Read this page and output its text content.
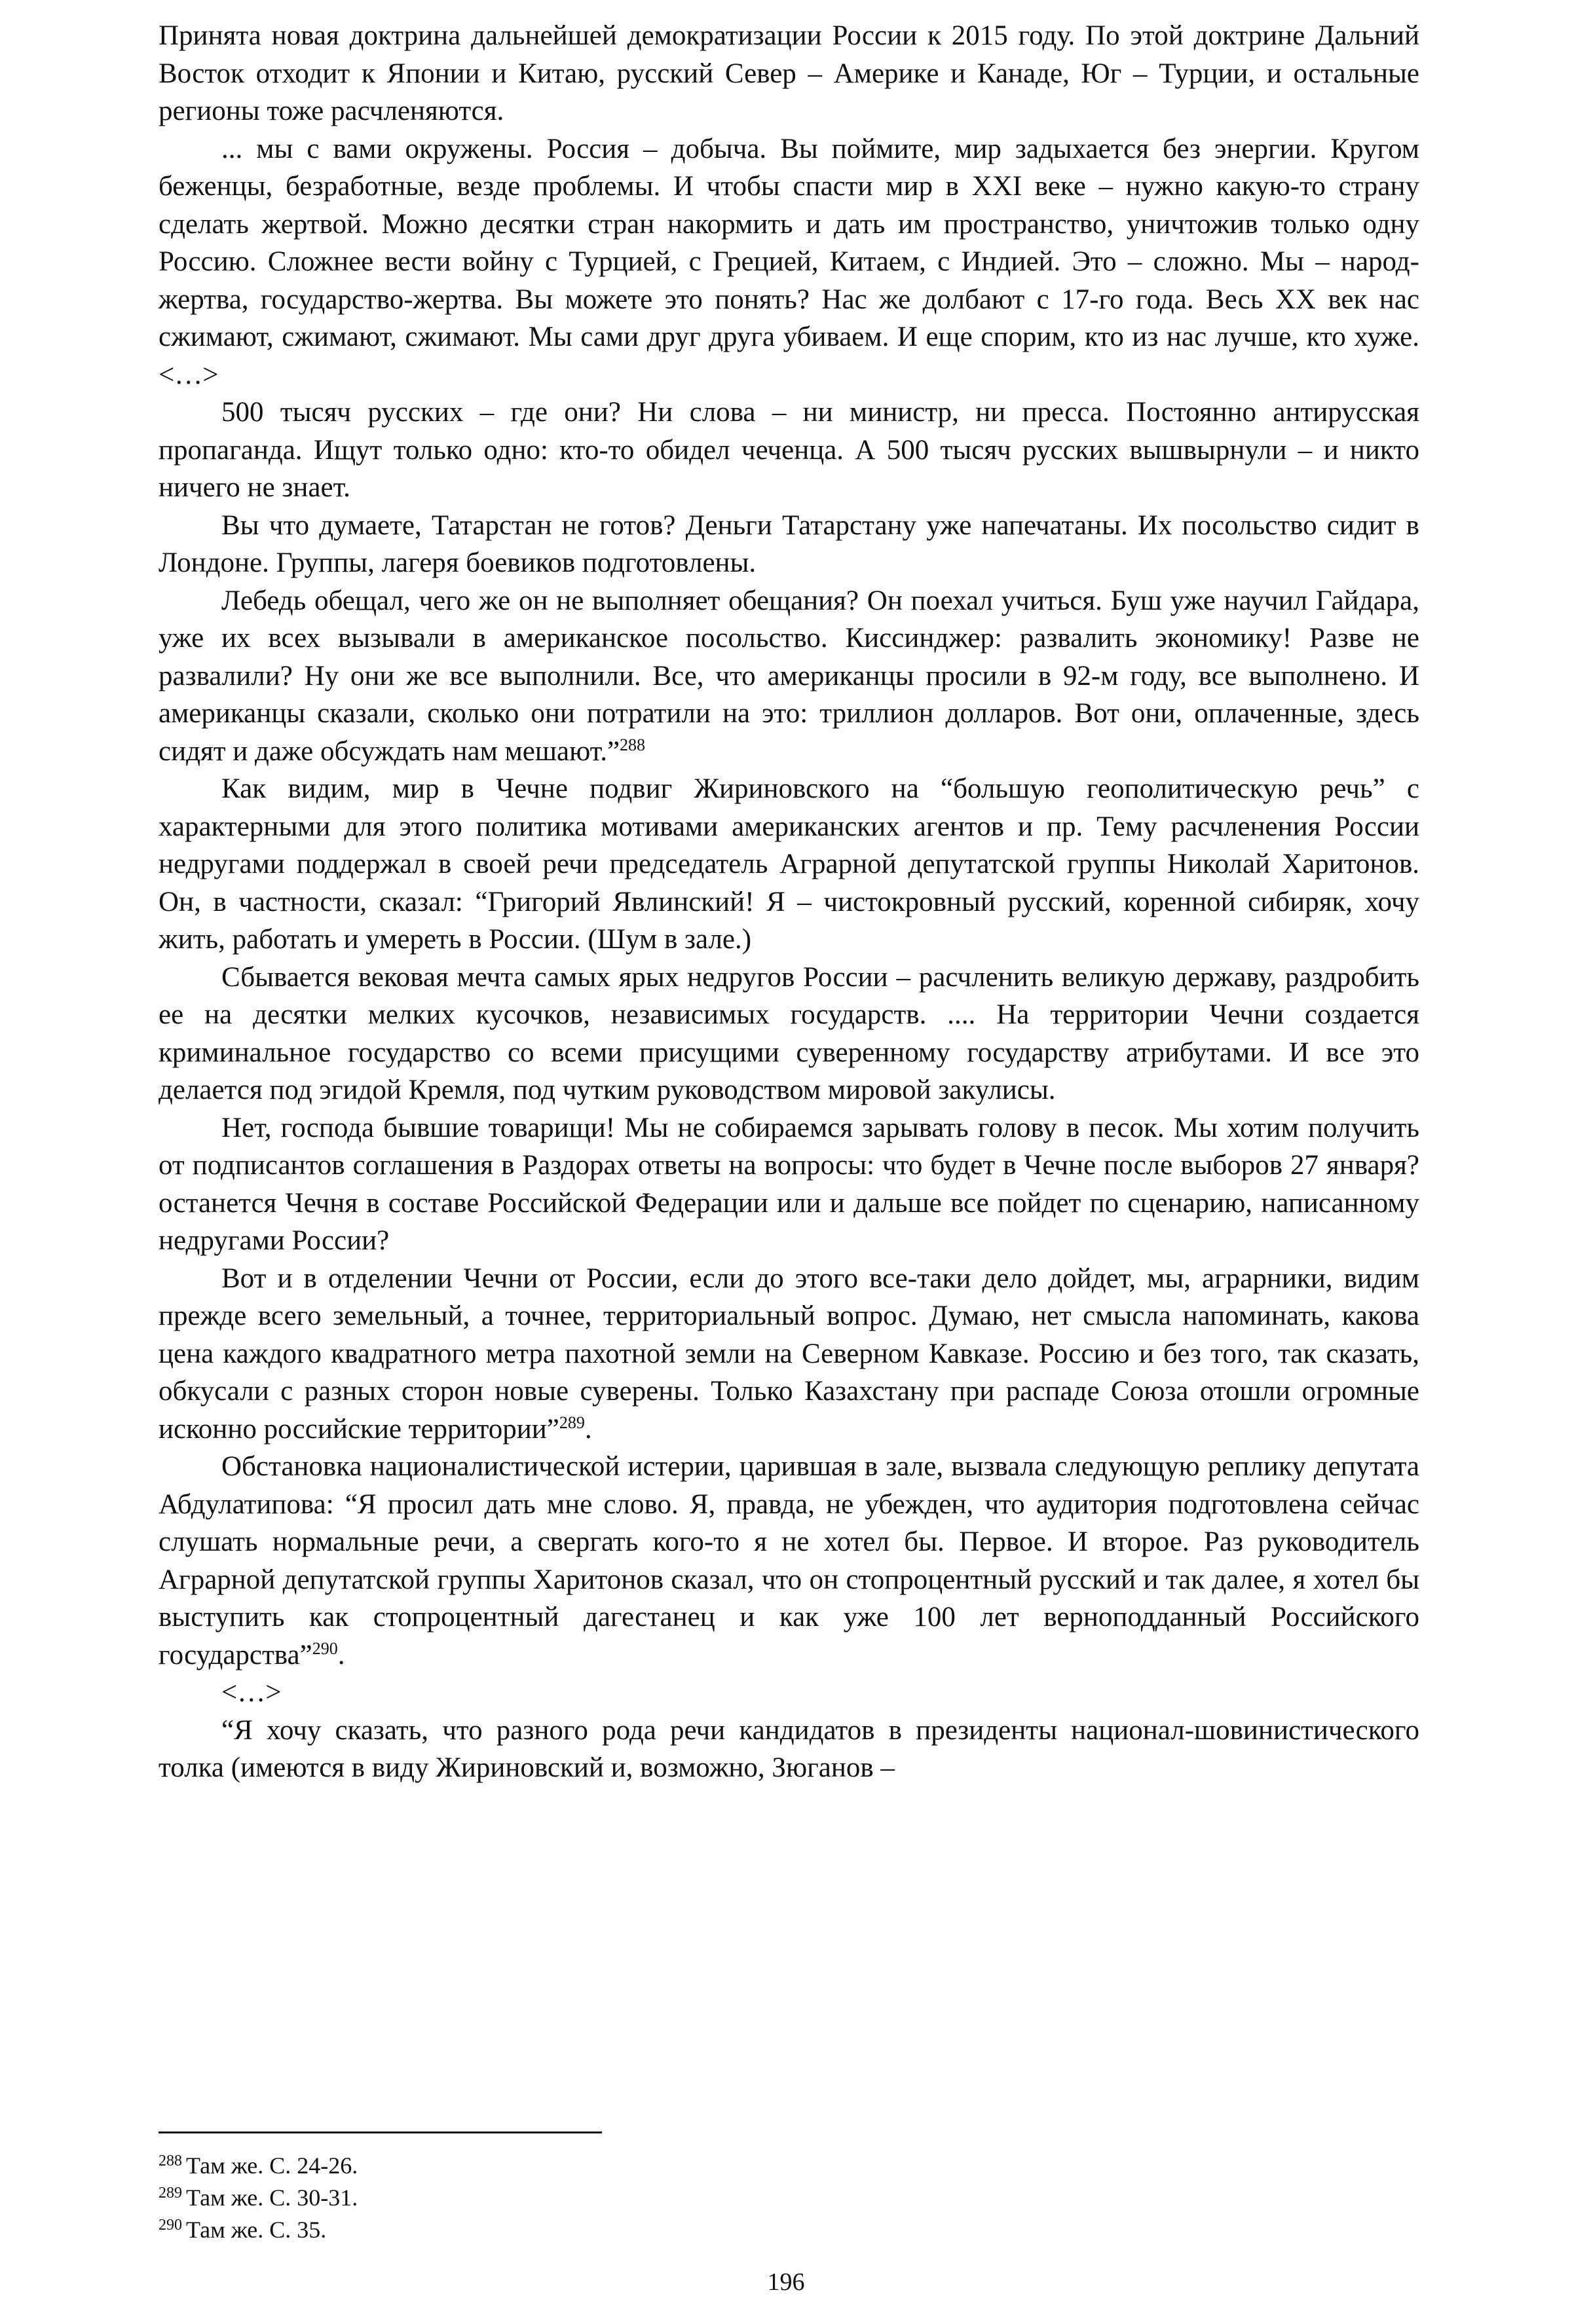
Принята новая доктрина дальнейшей демократизации России к 2015 году. По этой доктрине Дальний Восток отходит к Японии и Китаю, русский Север – Америке и Канаде, Юг – Турции, и остальные регионы тоже расчленяются.

... мы с вами окружены. Россия – добыча. Вы поймите, мир задыхается без энергии. Кругом беженцы, безработные, везде проблемы. И чтобы спасти мир в XXI веке – нужно какую-то страну сделать жертвой. Можно десятки стран накормить и дать им пространство, уничтожив только одну Россию. Сложнее вести войну с Турцией, с Грецией, Китаем, с Индией. Это – сложно. Мы – народ-жертва, государство-жертва. Вы можете это понять? Нас же долбают с 17-го года. Весь XX век нас сжимают, сжимают, сжимают. Мы сами друг друга убиваем. И еще спорим, кто из нас лучше, кто хуже. <…>

500 тысяч русских – где они? Ни слова – ни министр, ни пресса. Постоянно антирусская пропаганда. Ищут только одно: кто-то обидел чеченца. А 500 тысяч русских вышвырнули – и никто ничего не знает.

Вы что думаете, Татарстан не готов? Деньги Татарстану уже напечатаны. Их посольство сидит в Лондоне. Группы, лагеря боевиков подготовлены.

Лебедь обещал, чего же он не выполняет обещания? Он поехал учиться. Буш уже научил Гайдара, уже их всех вызывали в американское посольство. Киссинджер: развалить экономику! Разве не развалили? Ну они же все выполнили. Все, что американцы просили в 92-м году, все выполнено. И американцы сказали, сколько они потратили на это: триллион долларов. Вот они, оплаченные, здесь сидят и даже обсуждать нам мешают.”$^{288}$

Как видим, мир в Чечне подвиг Жириновского на “большую геополитическую речь” с характерными для этого политика мотивами американских агентов и пр. Тему расчленения России недругами поддержал в своей речи председатель Аграрной депутатской группы Николай Харитонов. Он, в частности, сказал: “Григорий Явлинский! Я – чистокровный русский, коренной сибиряк, хочу жить, работать и умереть в России. (Шум в зале.)

Сбывается вековая мечта самых ярых недругов России – расчленить великую державу, раздробить ее на десятки мелких кусочков, независимых государств. .... На территории Чечни создается криминальное государство со всеми присущими суверенному государству атрибутами. И все это делается под эгидой Кремля, под чутким руководством мировой закулисы.

Нет, господа бывшие товарищи! Мы не собираемся зарывать голову в песок. Мы хотим получить от подписантов соглашения в Раздорах ответы на вопросы: что будет в Чечне после выборов 27 января? останется Чечня в составе Российской Федерации или и дальше все пойдет по сценарию, написанному недругами России?

Вот и в отделении Чечни от России, если до этого все-таки дело дойдет, мы, аграрники, видим прежде всего земельный, а точнее, территориальный вопрос. Думаю, нет смысла напоминать, какова цена каждого квадратного метра пахотной земли на Северном Кавказе. Россию и без того, так сказать, обкусали с разных сторон новые суверены. Только Казахстану при распаде Союза отошли огромные исконно российские территории”$^{289}$.

Обстановка националистической истерии, царившая в зале, вызвала следующую реплику депутата Абдулатипова: “Я просил дать мне слово. Я, правда, не убежден, что аудитория подготовлена сейчас слушать нормальные речи, а свергать кого-то я не хотел бы. Первое. И второе. Раз руководитель Аграрной депутатской группы Харитонов сказал, что он стопроцентный русский и так далее, я хотел бы выступить как стопроцентный дагестанец и как уже 100 лет верноподданный Российского государства”$^{290}$.

<…>

“Я хочу сказать, что разного рода речи кандидатов в президенты национал-шовинистического толка (имеются в виду Жириновский и, возможно, Зюганов –

$^{288}$ Там же. С. 24-26.

$^{289}$ Там же. С. 30-31.

$^{290}$ Там же. С. 35.

196
